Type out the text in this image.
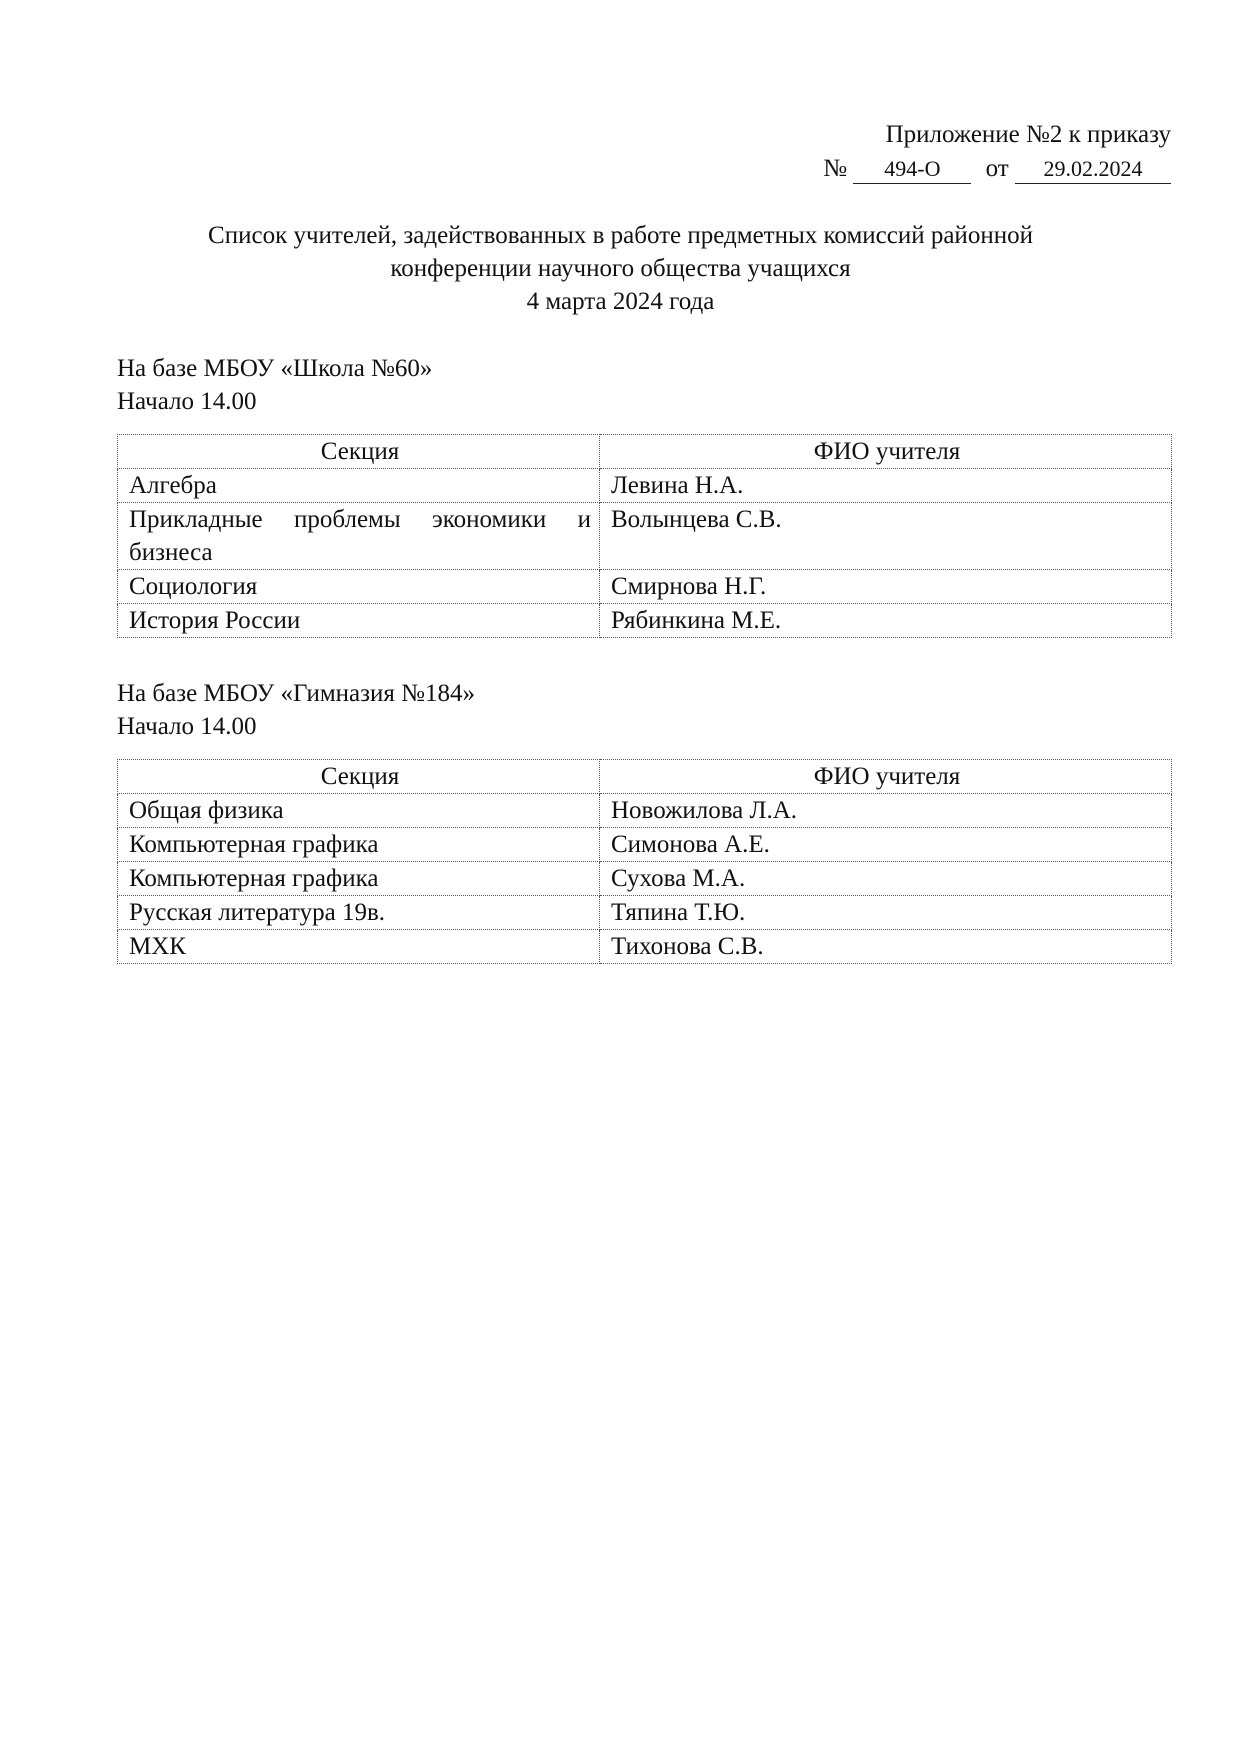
Приложение №2 к приказу
№ 494-О от 29.02.2024
Список учителей, задействованных в работе предметных комиссий районной
конференции научного общества учащихся
4 марта 2024 года
На базе МБОУ «Школа №60»
Начало 14.00
Секция	ФИО учителя
Алгебра	Левина Н.А.
Прикладные проблемы экономики и бизнеса	Волынцева С.В.
Социология	Смирнова Н.Г.
История России	Рябинкина М.Е.
На базе МБОУ «Гимназия №184»
Начало 14.00
Секция	ФИО учителя
Общая физика	Новожилова Л.А.
Компьютерная графика	Симонова А.Е.
Компьютерная графика	Сухова М.А.
Русская литература 19в.	Тяпина Т.Ю.
МХК	Тихонова С.В.
